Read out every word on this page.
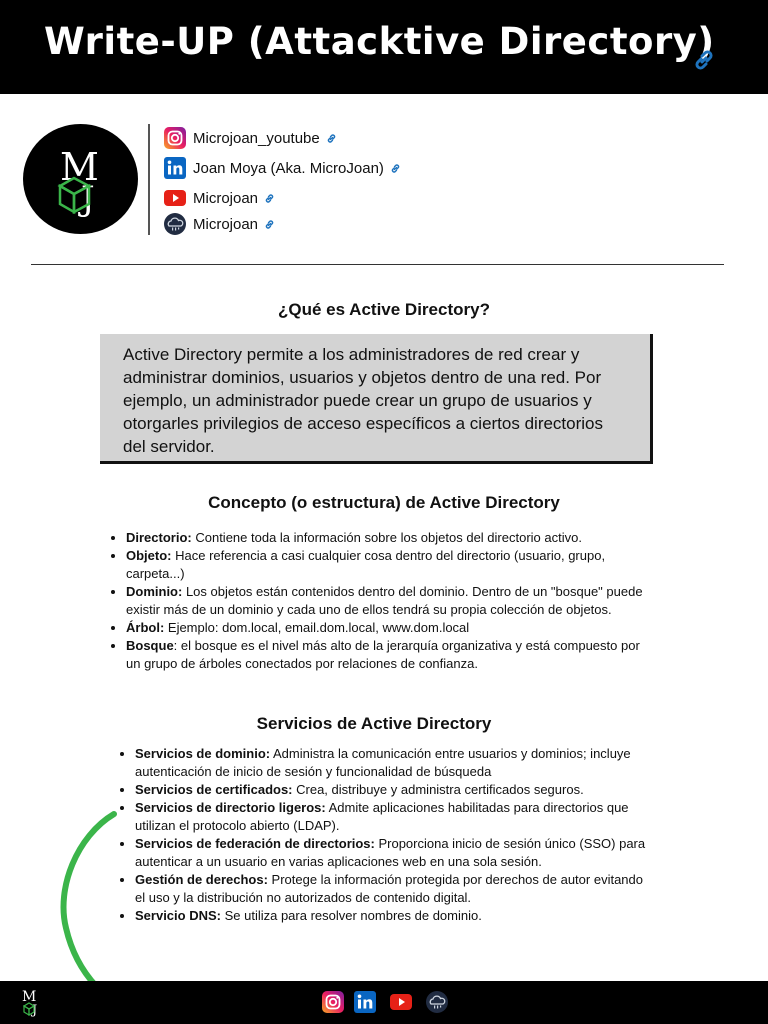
Write-UP (Attacktive Directory)
M
J
Microjoan_youtube
Joan Moya (Aka. MicroJoan)
Microjoan
Microjoan
¿Qué es Active Directory?
Active Directory permite a los administradores de red crear y administrar dominios, usuarios y objetos dentro de una red. Por ejemplo, un administrador puede crear un grupo de usuarios y otorgarles privilegios de acceso específicos a ciertos directorios del servidor.
Concepto (o estructura) de Active Directory
• Directorio: Contiene toda la información sobre los objetos del directorio activo.
• Objeto: Hace referencia a casi cualquier cosa dentro del directorio (usuario, grupo, carpeta...)
• Dominio: Los objetos están contenidos dentro del dominio. Dentro de un "bosque" puede existir más de un dominio y cada uno de ellos tendrá su propia colección de objetos.
• Árbol: Ejemplo: dom.local, email.dom.local, www.dom.local
• Bosque: el bosque es el nivel más alto de la jerarquía organizativa y está compuesto por un grupo de árboles conectados por relaciones de confianza.
Servicios de Active Directory
• Servicios de dominio: Administra la comunicación entre usuarios y dominios; incluye autenticación de inicio de sesión y funcionalidad de búsqueda
• Servicios de certificados: Crea, distribuye y administra certificados seguros.
• Servicios de directorio ligeros: Admite aplicaciones habilitadas para directorios que utilizan el protocolo abierto (LDAP).
• Servicios de federación de directorios: Proporciona inicio de sesión único (SSO) para autenticar a un usuario en varias aplicaciones web en una sola sesión.
• Gestión de derechos: Protege la información protegida por derechos de autor evitando el uso y la distribución no autorizados de contenido digital.
• Servicio DNS: Se utiliza para resolver nombres de dominio.
M
J
